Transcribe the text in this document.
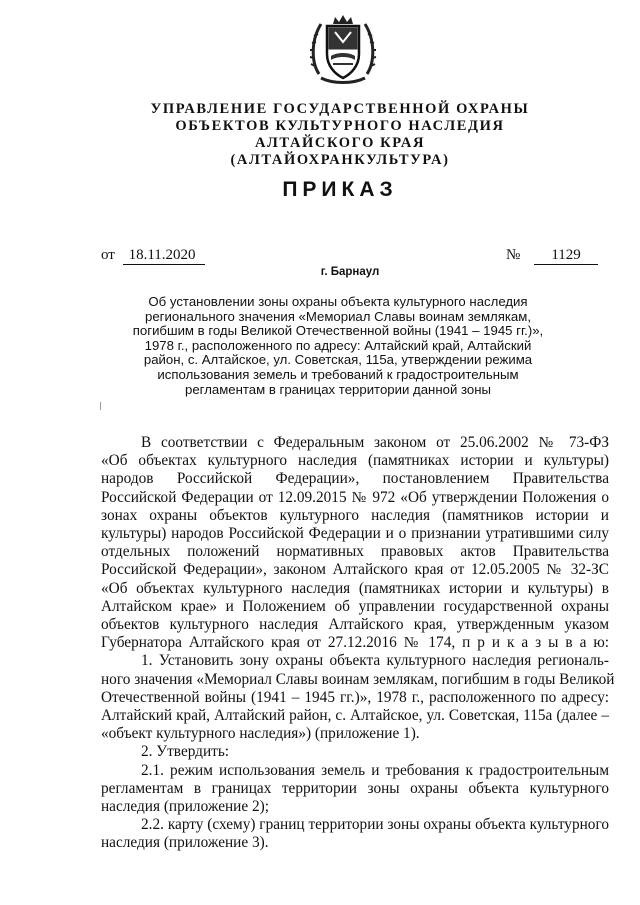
УПРАВЛЕНИЕ ГОСУДАРСТВЕННОЙ ОХРАНЫ
ОБЪЕКТОВ КУЛЬТУРНОГО НАСЛЕДИЯ
АЛТАЙСКОГО КРАЯ
(АЛТАЙОХРАНКУЛЬТУРА)
ПРИКАЗ
от 18.11.2020	№ 1129
г. Барнаул
Об установлении зоны охраны объекта культурного наследия
регионального значения «Мемориал Славы воинам землякам,
погибшим в годы Великой Отечественной войны (1941 – 1945 гг.)»,
1978 г., расположенного по адресу: Алтайский край, Алтайский
район, с. Алтайское, ул. Советская, 115а, утверждении режима
использования земель и требований к градостроительным
регламентам в границах территории данной зоны
В соответствии с Федеральным законом от 25.06.2002 № 73-ФЗ
«Об объектах культурного наследия (памятниках истории и культуры)
народов Российской Федерации», постановлением Правительства
Российской Федерации от 12.09.2015 № 972 «Об утверждении Положения о
зонах охраны объектов культурного наследия (памятников истории и
культуры) народов Российской Федерации и о признании утратившими силу
отдельных положений нормативных правовых актов Правительства
Российской Федерации», законом Алтайского края от 12.05.2005 № 32-ЗС
«Об объектах культурного наследия (памятниках истории и культуры) в
Алтайском крае» и Положением об управлении государственной охраны
объектов культурного наследия Алтайского края, утвержденным указом
Губернатора Алтайского края от 27.12.2016 № 174, п р и к а з ы в а ю:
1. Установить зону охраны объекта культурного наследия региональ-
ного значения «Мемориал Славы воинам землякам, погибшим в годы Великой
Отечественной войны (1941 – 1945 гг.)», 1978 г., расположенного по адресу:
Алтайский край, Алтайский район, с. Алтайское, ул. Советская, 115а (далее –
«объект культурного наследия») (приложение 1).
2. Утвердить:
2.1. режим использования земель и требования к градостроительным
регламентам в границах территории зоны охраны объекта культурного
наследия (приложение 2);
2.2. карту (схему) границ территории зоны охраны объекта культурного
наследия (приложение 3).
